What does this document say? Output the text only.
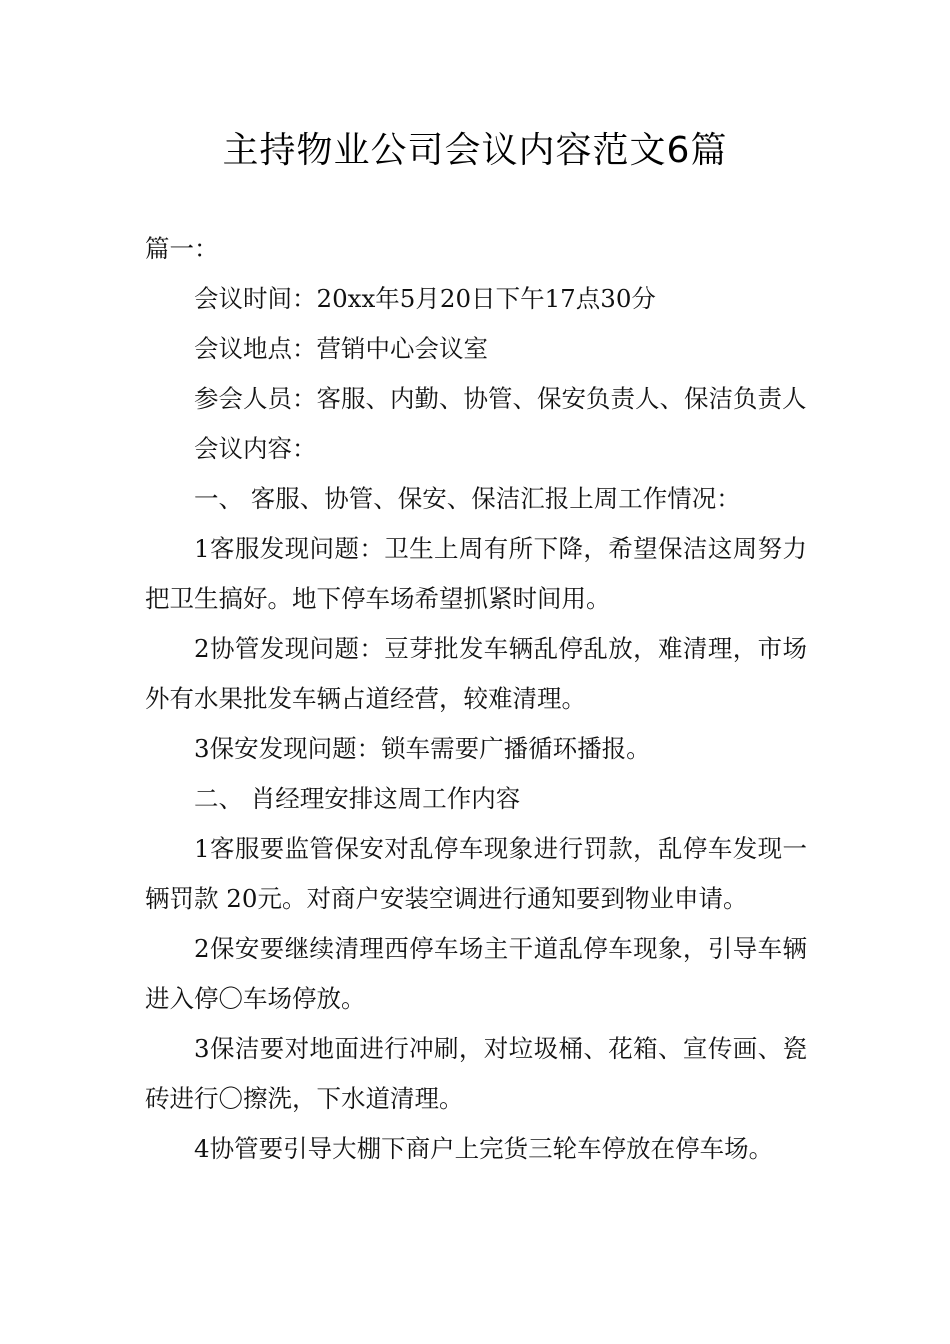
主持物业公司会议内容范文6篇

篇一：

会议时间：20xx年5月20日下午17点30分

会议地点：营销中心会议室

参会人员：客服、内勤、协管、保安负责人、保洁负责人

会议内容：

一、 客服、协管、保安、保洁汇报上周工作情况：

1客服发现问题：卫生上周有所下降，希望保洁这周努力把卫生搞好。地下停车场希望抓紧时间用。

2协管发现问题：豆芽批发车辆乱停乱放，难清理，市场外有水果批发车辆占道经营，较难清理。

3保安发现问题：锁车需要广播循环播报。

二、 肖经理安排这周工作内容

1客服要监管保安对乱停车现象进行罚款，乱停车发现一辆罚款 20元。对商户安装空调进行通知要到物业申请。

2保安要继续清理西停车场主干道乱停车现象，引导车辆进入停〇车场停放。

3保洁要对地面进行冲刷，对垃圾桶、花箱、宣传画、瓷砖进行〇擦洗，下水道清理。

4协管要引导大棚下商户上完货三轮车停放在停车场。
